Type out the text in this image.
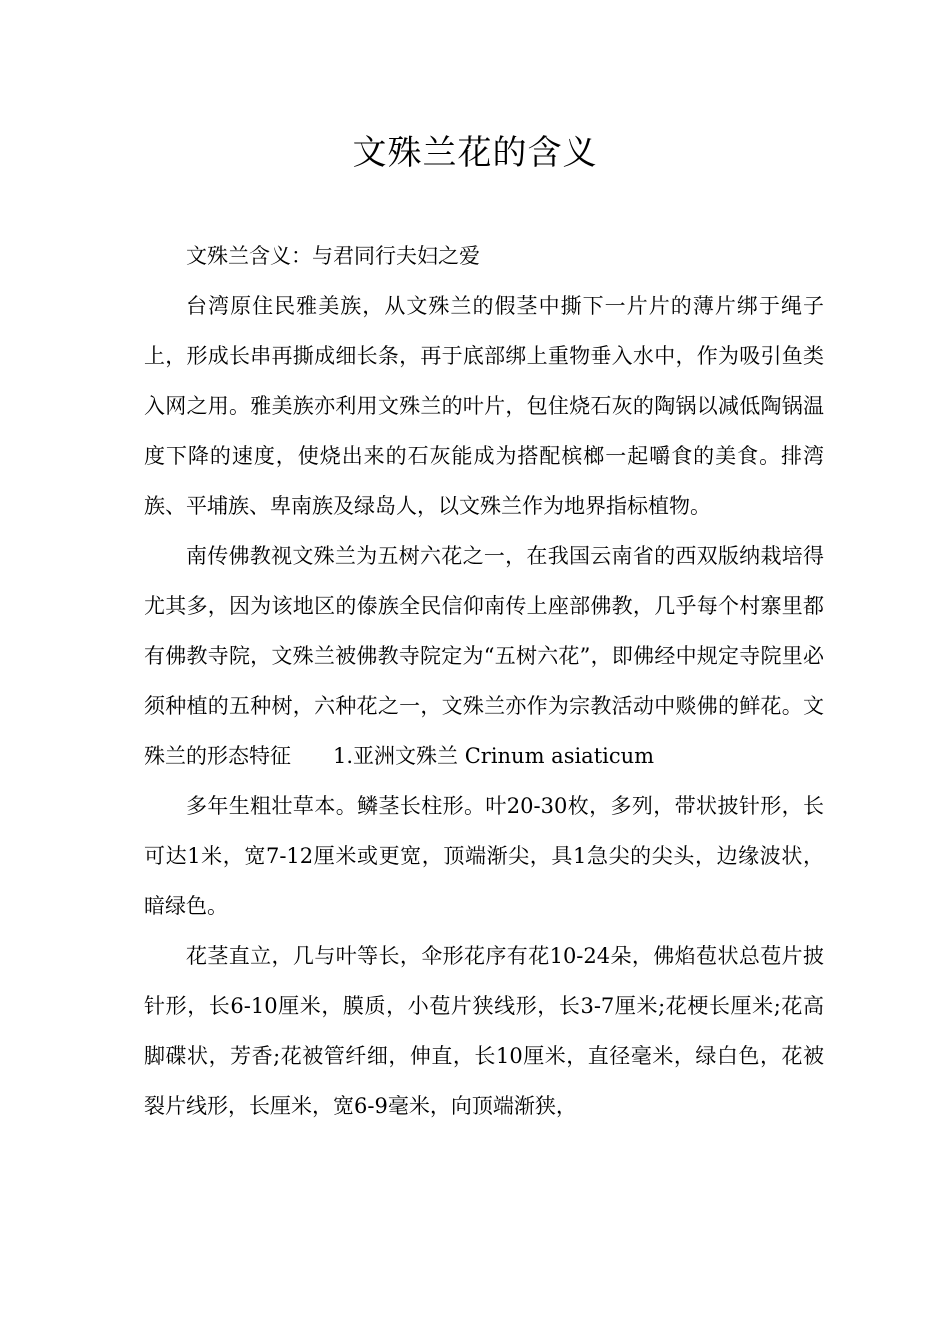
文殊兰花的含义

文殊兰含义：与君同行夫妇之爱

台湾原住民雅美族，从文殊兰的假茎中撕下一片片的薄片绑于绳子上，形成长串再撕成细长条，再于底部绑上重物垂入水中，作为吸引鱼类入网之用。雅美族亦利用文殊兰的叶片，包住烧石灰的陶锅以减低陶锅温度下降的速度，使烧出来的石灰能成为搭配槟榔一起嚼食的美食。排湾族、平埔族、卑南族及绿岛人，以文殊兰作为地界指标植物。

南传佛教视文殊兰为五树六花之一，在我国云南省的西双版纳栽培得尤其多，因为该地区的傣族全民信仰南传上座部佛教，几乎每个村寨里都有佛教寺院，文殊兰被佛教寺院定为“五树六花”，即佛经中规定寺院里必须种植的五种树，六种花之一，文殊兰亦作为宗教活动中赕佛的鲜花。文殊兰的形态特征　　1.亚洲文殊兰 Crinum asiaticum

多年生粗壮草本。鳞茎长柱形。叶20-30枚，多列，带状披针形，长可达1米，宽7-12厘米或更宽，顶端渐尖，具1急尖的尖头，边缘波状，暗绿色。

花茎直立，几与叶等长，伞形花序有花10-24朵，佛焰苞状总苞片披针形，长6-10厘米，膜质，小苞片狭线形，长3-7厘米;花梗长厘米;花高脚碟状，芳香;花被管纤细，伸直，长10厘米，直径毫米，绿白色，花被裂片线形，长厘米，宽6-9毫米，向顶端渐狭，
